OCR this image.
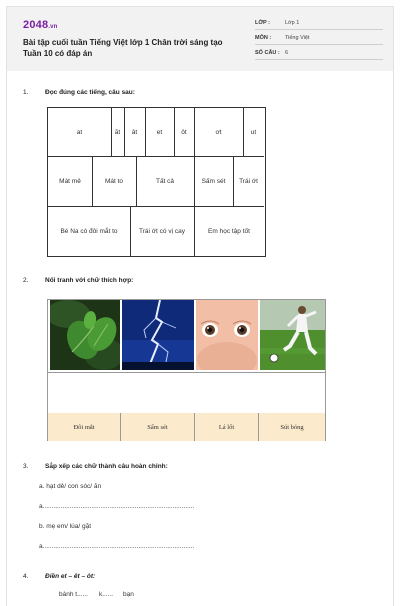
2048.vn
Bài tập cuối tuần Tiếng Việt lớp 1 Chân trời sáng tạo Tuần 10 có đáp án
LỚP :	Lớp 1
MÔN :	Tiếng Việt
SỐ CÂU : 6
1.	Đọc đúng các tiếng, câu sau:
at	ăt	ât	et	ôt	ơt	ut
Mát mẻ	Mát to	Tất cả	Sấm sét	Trái ớt
Bé Na có đôi mắt to	Trái ớt có vị cay	Em học tập tốt
2.	Nối tranh với chữ thích hợp:
Đôi mắt	Sấm sét	Lá lốt	Sút bóng
3.	Sắp xếp các chữ thành câu hoàn chỉnh:
a. hạt dẻ/ con sóc/ ăn
a....................................................................................
b. mẹ em/ lúa/ gặt
a....................................................................................
4.	Điền et – êt – ôt:
bánh t...... k...... bạn
